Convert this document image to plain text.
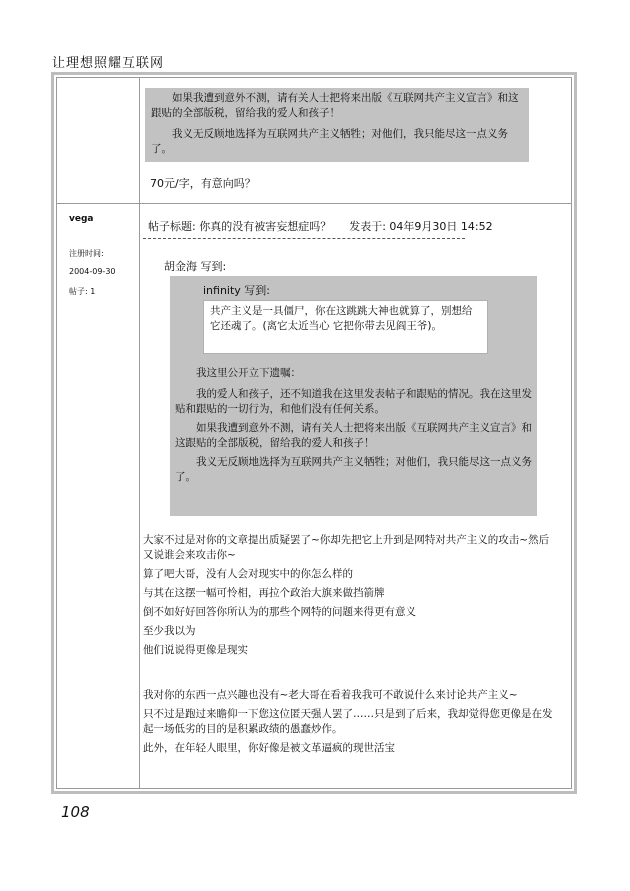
让理想照耀互联网

如果我遭到意外不测，请有关人士把将来出版《互联网共产主义宣言》和这跟贴的全部版税，留给我的爱人和孩子！

我义无反顾地选择为互联网共产主义牺牲；对他们，我只能尽这一点义务了。

70元/字，有意向吗？
vega
注册时间:
2004-09-30
帖子: 1
帖子标题: 你真的没有被害妄想症吗？ 发表于: 04年9月30日 14:52
胡金海 写到:
infinity 写到:

共产主义是一具僵尸，你在这跳跳大神也就算了，别想给它还魂了。(离它太近当心 它把你带去见阎王爷)。

我这里公开立下遗嘱：

我的爱人和孩子，还不知道我在这里发表帖子和跟贴的情况。我在这里发贴和跟贴的一切行为，和他们没有任何关系。

如果我遭到意外不测，请有关人士把将来出版《互联网共产主义宣言》和这跟贴的全部版税，留给我的爱人和孩子！

我义无反顾地选择为互联网共产主义牺牲；对他们，我只能尽这一点义务了。

大家不过是对你的文章提出质疑罢了~你却先把它上升到是网特对共产主义的攻击~然后又说谁会来攻击你~

算了吧大哥，没有人会对现实中的你怎么样的

与其在这摆一幅可怜相，再拉个政治大旗来做挡箭牌

倒不如好好回答你所认为的那些个网特的问题来得更有意义

至少我以为

他们说说得更像是现实

我对你的东西一点兴趣也没有~老大哥在看着我我可不敢说什么来讨论共产主义~

只不过是跑过来瞻仰一下您这位匿天强人罢了……只是到了后来，我却觉得您更像是在发起一场低劣的目的是积累政绩的愚蠢炒作。

此外，在年轻人眼里，你好像是被文革逼疯的现世活宝

108
